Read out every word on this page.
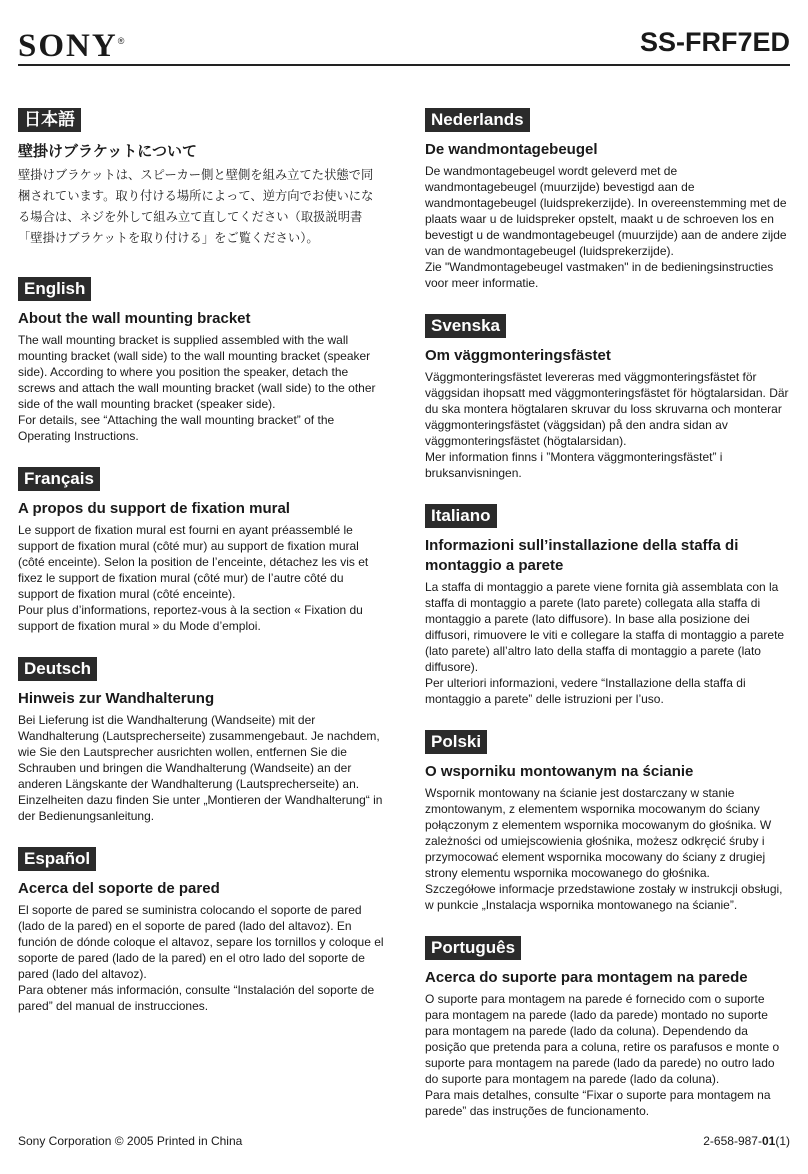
SONY®	SS-FRF7ED
日本語
壁掛けブラケットについて

壁掛けブラケットは、スピーカー側と壁側を組み立てた状態で同梱されています。取り付ける場所によって、逆方向でお使いになる場合は、ネジを外して組み立て直してください（取扱説明書「壁掛けブラケットを取り付ける」をご覧ください）。

English
About the wall mounting bracket

The wall mounting bracket is supplied assembled with the wall mounting bracket (wall side) to the wall mounting bracket (speaker side). According to where you position the speaker, detach the screws and attach the wall mounting bracket (wall side) to the other side of the wall mounting bracket (speaker side).

For details, see “Attaching the wall mounting bracket” of the Operating Instructions.

Français
A propos du support de fixation mural

Le support de fixation mural est fourni en ayant préassemblé le support de fixation mural (côté mur) au support de fixation mural (côté enceinte). Selon la position de l’enceinte, détachez les vis et fixez le support de fixation mural (côté mur) de l’autre côté du support de fixation mural (côté enceinte).

Pour plus d’informations, reportez-vous à la section « Fixation du support de fixation mural » du Mode d’emploi.

Deutsch
Hinweis zur Wandhalterung

Bei Lieferung ist die Wandhalterung (Wandseite) mit der Wandhalterung (Lautsprecherseite) zusammengebaut. Je nachdem, wie Sie den Lautsprecher ausrichten wollen, entfernen Sie die Schrauben und bringen die Wandhalterung (Wandseite) an der anderen Längskante der Wandhalterung (Lautsprecherseite) an.

Einzelheiten dazu finden Sie unter „Montieren der Wandhalterung“ in der Bedienungsanleitung.

Español
Acerca del soporte de pared

El soporte de pared se suministra colocando el soporte de pared (lado de la pared) en el soporte de pared (lado del altavoz). En función de dónde coloque el altavoz, separe los tornillos y coloque el soporte de pared (lado de la pared) en el otro lado del soporte de pared (lado del altavoz).

Para obtener más información, consulte “Instalación del soporte de pared” del manual de instrucciones.

Nederlands
De wandmontagebeugel

De wandmontagebeugel wordt geleverd met de wandmontagebeugel (muurzijde) bevestigd aan de wandmontagebeugel (luidsprekerzijde). In overeenstemming met de plaats waar u de luidspreker opstelt, maakt u de schroeven los en bevestigt u de wandmontagebeugel (muurzijde) aan de andere zijde van de wandmontagebeugel (luidsprekerzijde).

Zie "Wandmontagebeugel vastmaken" in de bedieningsinstructies voor meer informatie.

Svenska
Om väggmonteringsfästet

Väggmonteringsfästet levereras med väggmonteringsfästet för väggsidan ihopsatt med väggmonteringsfästet för högtalarsidan. Där du ska montera högtalaren skruvar du loss skruvarna och monterar väggmonteringsfästet (väggsidan) på den andra sidan av väggmonteringsfästet (högtalarsidan).

Mer information finns i ”Montera väggmonteringsfästet” i bruksanvisningen.

Italiano
Informazioni sull’installazione della staffa di montaggio a parete

La staffa di montaggio a parete viene fornita già assemblata con la staffa di montaggio a parete (lato parete) collegata alla staffa di montaggio a parete (lato diffusore). In base alla posizione dei diffusori, rimuovere le viti e collegare la staffa di montaggio a parete (lato parete) all’altro lato della staffa di montaggio a parete (lato diffusore).

Per ulteriori informazioni, vedere “Installazione della staffa di montaggio a parete” delle istruzioni per l’uso.

Polski
O wsporniku montowanym na ścianie

Wspornik montowany na ścianie jest dostarczany w stanie zmontowanym, z elementem wspornika mocowanym do ściany połączonym z elementem wspornika mocowanym do głośnika. W zależności od umiejscowienia głośnika, możesz odkręcić śruby i przymocować element wspornika mocowany do ściany z drugiej strony elementu wspornika mocowanego do głośnika.

Szczegółowe informacje przedstawione zostały w instrukcji obsługi, w punkcie „Instalacja wspornika montowanego na ścianie”.

Português
Acerca do suporte para montagem na parede

O suporte para montagem na parede é fornecido com o suporte para montagem na parede (lado da parede) montado no suporte para montagem na parede (lado da coluna). Dependendo da posição que pretenda para a coluna, retire os parafusos e monte o suporte para montagem na parede (lado da parede) no outro lado do suporte para montagem na parede (lado da coluna).

Para mais detalhes, consulte “Fixar o suporte para montagem na parede” das instruções de funcionamento.

Sony Corporation © 2005 Printed in China	2-658-987-01(1)
